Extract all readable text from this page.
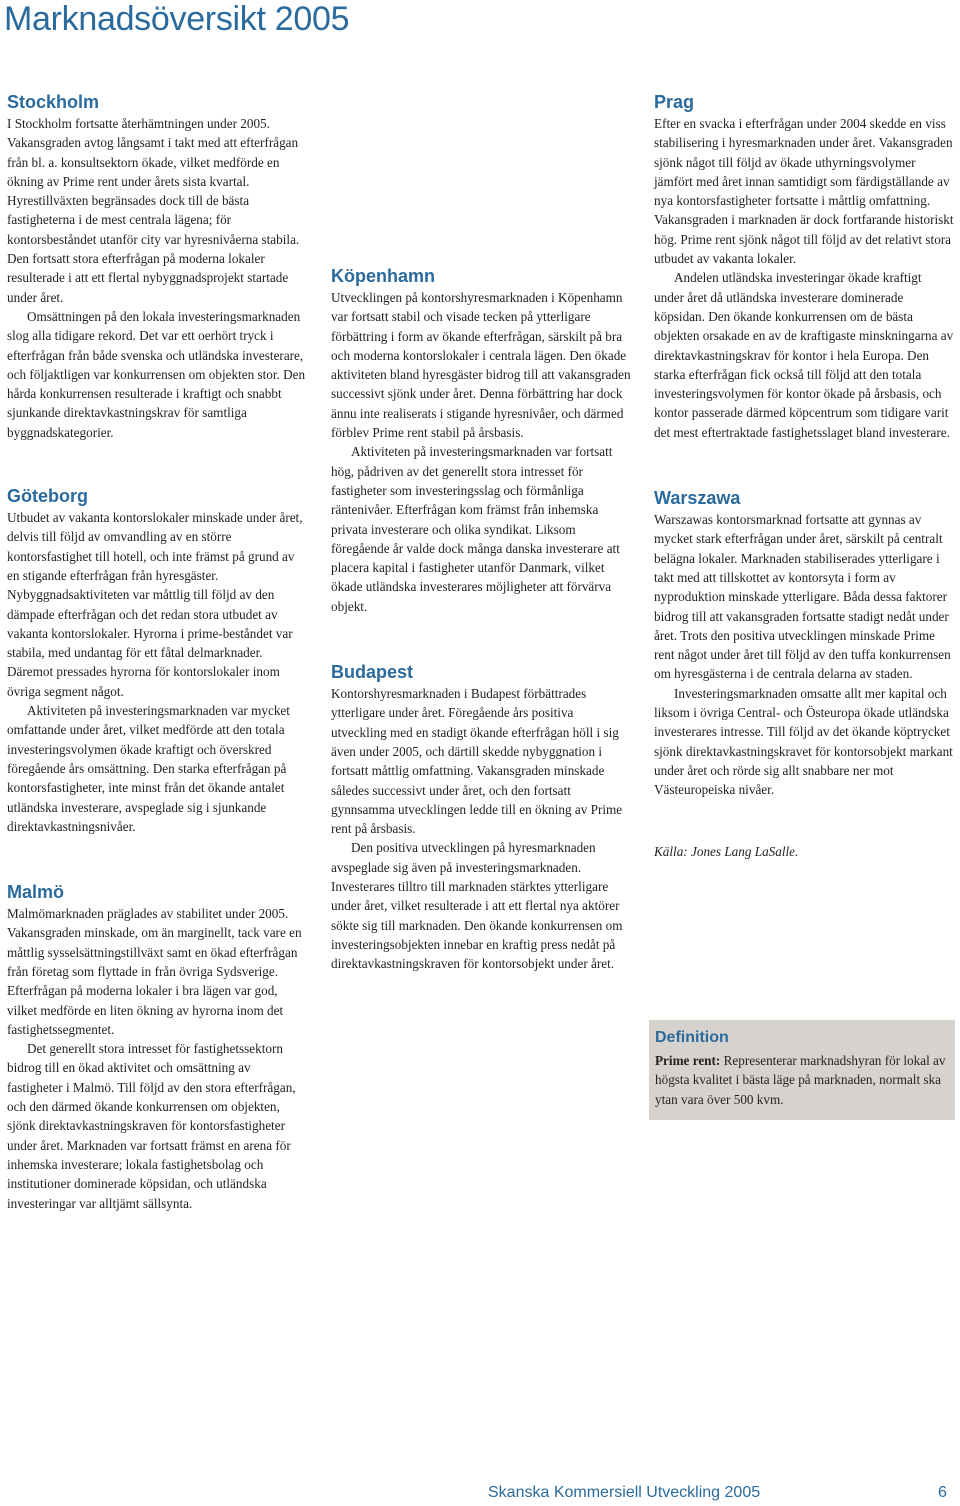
Marknadsöversikt 2005
Stockholm

I Stockholm fortsatte återhämtningen under 2005. Vakansgraden avtog långsamt i takt med att efterfrågan från bl. a. konsultsektorn ökade, vilket medförde en ökning av Prime rent under årets sista kvartal. Hyrestillväxten begränsades dock till de bästa fastigheterna i de mest centrala lägena; för kontorsbeståndet utanför city var hyresnivåerna stabila. Den fortsatt stora efterfrågan på moderna lokaler resulterade i att ett flertal nybyggnadsprojekt startade under året.

Omsättningen på den lokala investeringsmarknaden slog alla tidigare rekord. Det var ett oerhört tryck i efterfrågan från både svenska och utländska investerare, och följaktligen var konkurrensen om objekten stor. Den hårda konkurrensen resulterade i kraftigt och snabbt sjunkande direktavkastningskrav för samtliga byggnadskategorier.

Göteborg

Utbudet av vakanta kontorslokaler minskade under året, delvis till följd av omvandling av en större kontorsfastighet till hotell, och inte främst på grund av en stigande efterfrågan från hyresgäster. Nybyggnadsaktiviteten var måttlig till följd av den dämpade efterfrågan och det redan stora utbudet av vakanta kontorslokaler. Hyrorna i prime-beståndet var stabila, med undantag för ett fåtal delmarknader. Däremot pressades hyrorna för kontorslokaler inom övriga segment något.

Aktiviteten på investeringsmarknaden var mycket omfattande under året, vilket medförde att den totala investeringsvolymen ökade kraftigt och överskred föregående års omsättning. Den starka efterfrågan på kontorsfastigheter, inte minst från det ökande antalet utländska investerare, avspeglade sig i sjunkande direktavkastningsnivåer.

Malmö

Malmömarknaden präglades av stabilitet under 2005. Vakansgraden minskade, om än marginellt, tack vare en måttlig sysselsättningstillväxt samt en ökad efterfrågan från företag som flyttade in från övriga Sydsverige. Efterfrågan på moderna lokaler i bra lägen var god, vilket medförde en liten ökning av hyrorna inom det fastighetssegmentet.

Det generellt stora intresset för fastighetssektorn bidrog till en ökad aktivitet och omsättning av fastigheter i Malmö. Till följd av den stora efterfrågan, och den därmed ökande konkurrensen om objekten, sjönk direktavkastningskraven för kontorsfastigheter under året. Marknaden var fortsatt främst en arena för inhemska investerare; lokala fastighetsbolag och institutioner dominerade köpsidan, och utländska investeringar var alltjämt sällsynta.

Köpenhamn

Utvecklingen på kontorshyresmarknaden i Köpenhamn var fortsatt stabil och visade tecken på ytterligare förbättring i form av ökande efterfrågan, särskilt på bra och moderna kontorslokaler i centrala lägen. Den ökade aktiviteten bland hyresgäster bidrog till att vakansgraden successivt sjönk under året. Denna förbättring har dock ännu inte realiserats i stigande hyresnivåer, och därmed förblev Prime rent stabil på årsbasis.

Aktiviteten på investeringsmarknaden var fortsatt hög, pådriven av det generellt stora intresset för fastigheter som investeringsslag och förmånliga räntenivåer. Efterfrågan kom främst från inhemska privata investerare och olika syndikat. Liksom föregående år valde dock många danska investerare att placera kapital i fastigheter utanför Danmark, vilket ökade utländska investerares möjligheter att förvärva objekt.

Budapest

Kontorshyresmarknaden i Budapest förbättrades ytterligare under året. Föregående års positiva utveckling med en stadigt ökande efterfrågan höll i sig även under 2005, och därtill skedde nybyggnation i fortsatt måttlig omfattning. Vakansgraden minskade således successivt under året, och den fortsatt gynnsamma utvecklingen ledde till en ökning av Prime rent på årsbasis.

Den positiva utvecklingen på hyresmarknaden avspeglade sig även på investeringsmarknaden. Investerares tilltro till marknaden stärktes ytterligare under året, vilket resulterade i att ett flertal nya aktörer sökte sig till marknaden. Den ökande konkurrensen om investeringsobjekten innebar en kraftig press nedåt på direktavkastningskraven för kontorsobjekt under året.

Prag

Efter en svacka i efterfrågan under 2004 skedde en viss stabilisering i hyresmarknaden under året. Vakansgraden sjönk något till följd av ökade uthyrningsvolymer jämfört med året innan samtidigt som färdigställande av nya kontorsfastigheter fortsatte i måttlig omfattning. Vakansgraden i marknaden är dock fortfarande historiskt hög. Prime rent sjönk något till följd av det relativt stora utbudet av vakanta lokaler.

Andelen utländska investeringar ökade kraftigt under året då utländska investerare dominerade köpsidan. Den ökande konkurrensen om de bästa objekten orsakade en av de kraftigaste minskningarna av direktavkastningskrav för kontor i hela Europa. Den starka efterfrågan fick också till följd att den totala investeringsvolymen för kontor ökade på årsbasis, och kontor passerade därmed köpcentrum som tidigare varit det mest eftertraktade fastighetsslaget bland investerare.

Warszawa

Warszawas kontorsmarknad fortsatte att gynnas av mycket stark efterfrågan under året, särskilt på centralt belägna lokaler. Marknaden stabiliserades ytterligare i takt med att tillskottet av kontorsyta i form av nyproduktion minskade ytterligare. Båda dessa faktorer bidrog till att vakansgraden fortsatte stadigt nedåt under året. Trots den positiva utvecklingen minskade Prime rent något under året till följd av den tuffa konkurrensen om hyresgästerna i de centrala delarna av staden.

Investeringsmarknaden omsatte allt mer kapital och liksom i övriga Central- och Östeuropa ökade utländska investerares intresse. Till följd av det ökande köptrycket sjönk direktavkastningskravet för kontorsobjekt markant under året och rörde sig allt snabbare ner mot Västeuropeiska nivåer.

Källa: Jones Lang LaSalle.

Definition

Prime rent: Representerar marknadshyran för lokal av högsta kvalitet i bästa läge på marknaden, normalt ska ytan vara över 500 kvm.

Skanska Kommersiell Utveckling 2005	6
